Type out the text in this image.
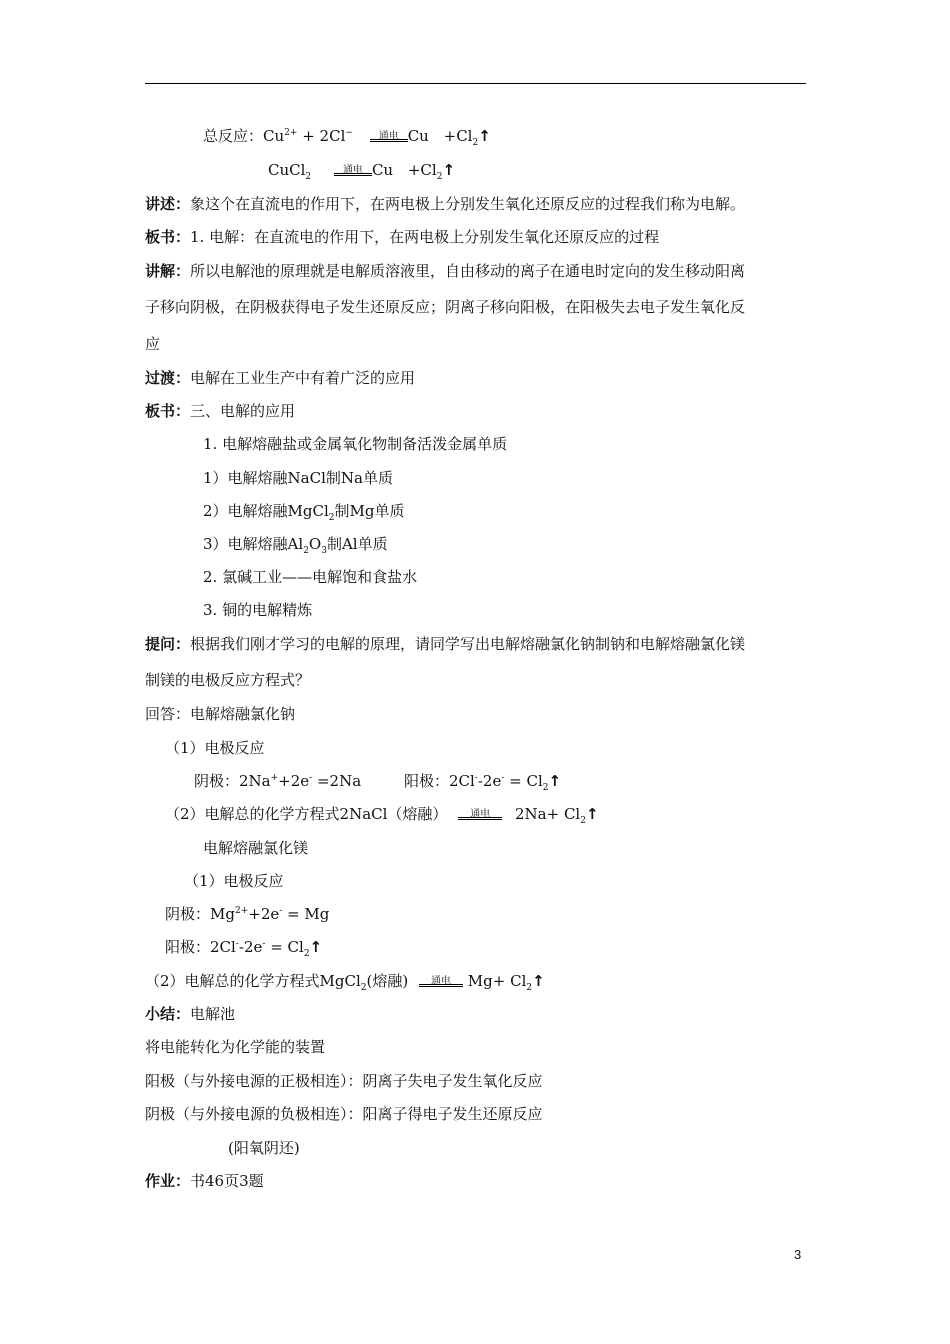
总反应：$Cu^{2+} + 2Cl^-$	通电 $Cu +Cl_2↑$
CuCl$_2$
通电 $Cu +Cl_2↑$
讲述：象这个在直流电的作用下，在两电极上分别发生氧化还原反应的过程我们称为电解。
板书：1. 电解：在直流电的作用下，在两电极上分别发生氧化还原反应的过程
讲解：所以电解池的原理就是电解质溶液里，自由移动的离子在通电时定向的发生移动阳离
子移向阴极，在阴极获得电子发生还原反应；阴离子移向阳极，在阳极失去电子发生氧化反
应
过渡：电解在工业生产中有着广泛的应用
板书：三、电解的应用
1. 电解熔融盐或金属氧化物制备活泼金属单质
1）电解熔融NaCl制Na单质
2）电解熔融MgCl$_2$制Mg单质
3）电解熔融$Al_2O_3$制Al单质
2. 氯碱工业——电解饱和食盐水
3. 铜的电解精炼
提问：根据我们刚才学习的电解的原理，请同学写出电解熔融氯化钠制钠和电解熔融氯化镁
制镁的电极反应方程式？
回答：电解熔融氯化钠
（1）电极反应
阴极：2Na++2e- =2Na	阳极：$2Cl^--2e^- = Cl_2↑$
（2）电解总的化学方程式2NaCl（熔融）	通电	$2Na+ Cl_2↑$
电解熔融氯化镁
（1）电极反应
阴极：$Mg^{2+}+2e^- = Mg$
阳极：$2Cl^--2e^- = Cl_2↑$
（2）电解总的化学方程式MgCl$_2$(熔融)	通电	$Mg+ Cl_2↑$
小结：电解池
将电能转化为化学能的装置
阳极（与外接电源的正极相连）：阴离子失电子发生氧化反应
阴极（与外接电源的负极相连）：阳离子得电子发生还原反应
(阳氧阴还)
作业：书46页3题
3
